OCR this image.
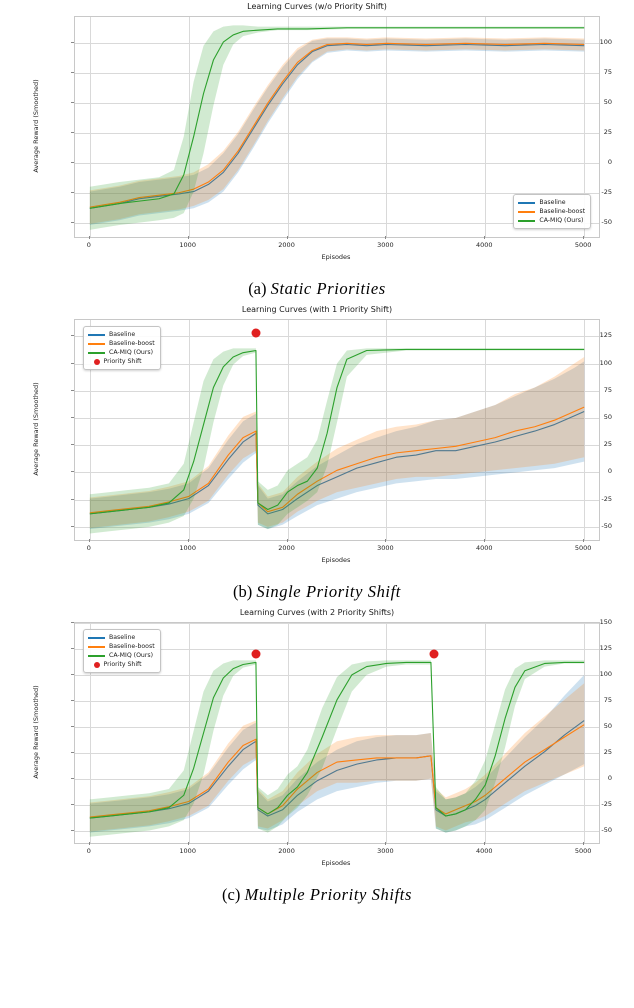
Learning Curves (w/o Priority Shift)
Baseline
Baseline-boost
CA-MIQ (Ours)	-50
-25
0
25
50
75
100
0	1000	2000	3000	4000	5000
Episodes
Average Reward (Smoothed)
(a) Static Priorities
Learning Curves (with 1 Priority Shift)
Baseline
Baseline-boost
CA-MIQ (Ours)
Priority Shift
-50
-25
0
25
50
75
100
125
0	1000	2000	3000	4000	5000
Episodes
Average Reward (Smoothed)
(b) Single Priority Shift
Learning Curves (with 2 Priority Shifts)
Baseline
Baseline-boost
CA-MIQ (Ours)
Priority Shift
-50
-25
0
25
50
75
100
125
150
0	1000	2000	3000	4000	5000
Episodes
Average Reward (Smoothed)
(c) Multiple Priority Shifts
